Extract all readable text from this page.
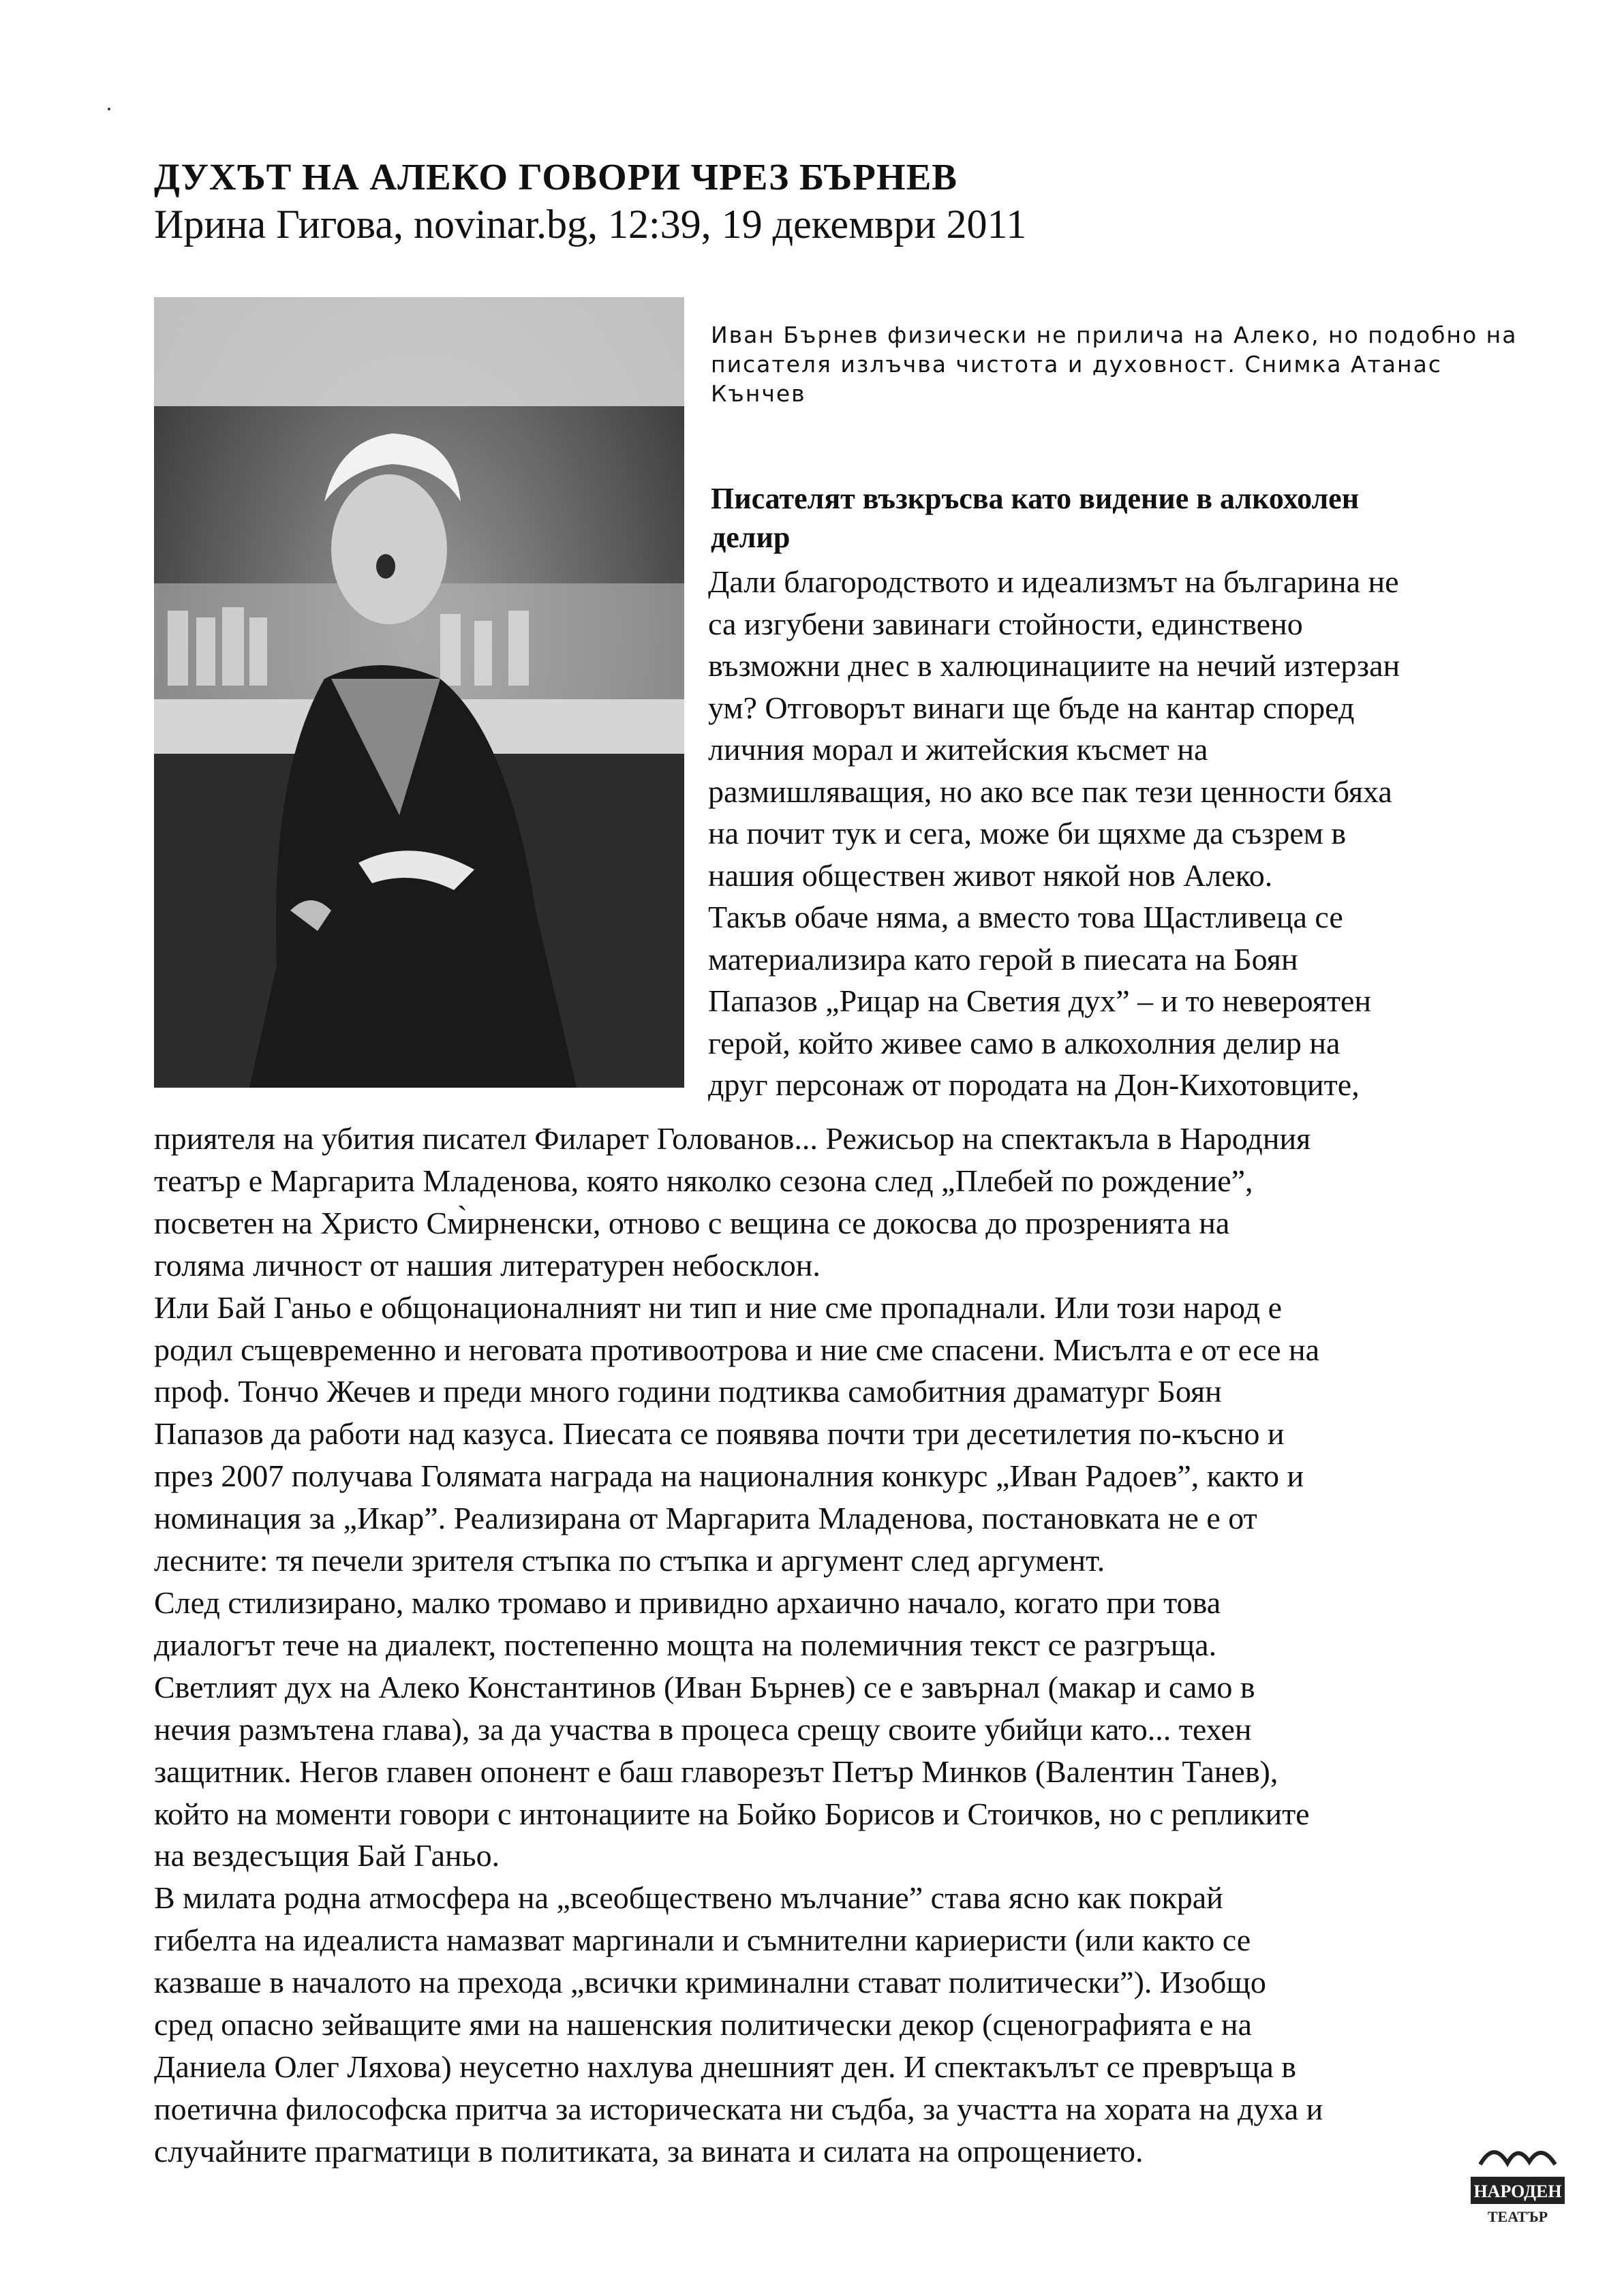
ДУХЪТ НА АЛЕКО ГОВОРИ ЧРЕЗ БЪРНЕВ
Ирина Гигова, novinar.bg, 12:39, 19 декември 2011
Иван Бърнев физически не прилича на Алеко, но подобно на
писателя излъчва чистота и духовност. Снимка Атанас
Кънчев
Писателят възкръсва като видение в алкохолен
делир
Дали благородството и идеализмът на българина не
са изгубени завинаги стойности, единствено
възможни днес в халюцинациите на нечий изтерзан
ум? Отговорът винаги ще бъде на кантар според
личния морал и житейския късмет на
размишляващия, но ако все пак тези ценности бяха
на почит тук и сега, може би щяхме да съзрем в
нашия обществен живот някой нов Алеко.
Такъв обаче няма, а вместо това Щастливеца се
материализира като герой в пиесата на Боян
Папазов „Рицар на Светия дух” – и то невероятен
герой, който живее само в алкохолния делир на
друг персонаж от породата на Дон-Кихотовците,
приятеля на убития писател Филарет Голованов... Режисьор на спектакъла в Народния
театър е Маргарита Младенова, която няколко сезона след „Плебей по рождение”,
посветен на Христо См̀ирненски, отново с вещина се докосва до прозренията на
голяма личност от нашия литературен небосклон.
Или Бай Ганьо е общонационалният ни тип и ние сме пропаднали. Или този народ е
родил същевременно и неговата противоотрова и ние сме спасени. Мисълта е от есе на
проф. Тончо Жечев и преди много години подтиква самобитния драматург Боян
Папазов да работи над казуса. Пиесата се появява почти три десетилетия по-късно и
през 2007 получава Голямата награда на националния конкурс „Иван Радоев”, както и
номинация за „Икар”. Реализирана от Маргарита Младенова, постановката не е от
лесните: тя печели зрителя стъпка по стъпка и аргумент след аргумент.
След стилизирано, малко тромаво и привидно архаично начало, когато при това
диалогът тече на диалект, постепенно мощта на полемичния текст се разгръща.
Светлият дух на Алеко Константинов (Иван Бърнев) се е завърнал (макар и само в
нечия размътена глава), за да участва в процеса срещу своите убийци като... техен
защитник. Негов главен опонент е баш главорезът Петър Минков (Валентин Танев),
който на моменти говори с интонациите на Бойко Борисов и Стоичков, но с репликите
на вездесъщия Бай Ганьо.
В милата родна атмосфера на „всеобществено мълчание” става ясно как покрай
гибелта на идеалиста намазват маргинали и съмнителни кариеристи (или както се
казваше в началото на прехода „всички криминални стават политически”). Изобщо
сред опасно зейващите ями на нашенския политически декор (сценографията е на
Даниела Олег Ляхова) неусетно нахлува днешният ден. И спектакълът се превръща в
поетична философска притча за историческата ни съдба, за участта на хората на духа и
случайните прагматици в политиката, за вината и силата на опрощението.
НАРОДЕН
ТЕАТЪР
